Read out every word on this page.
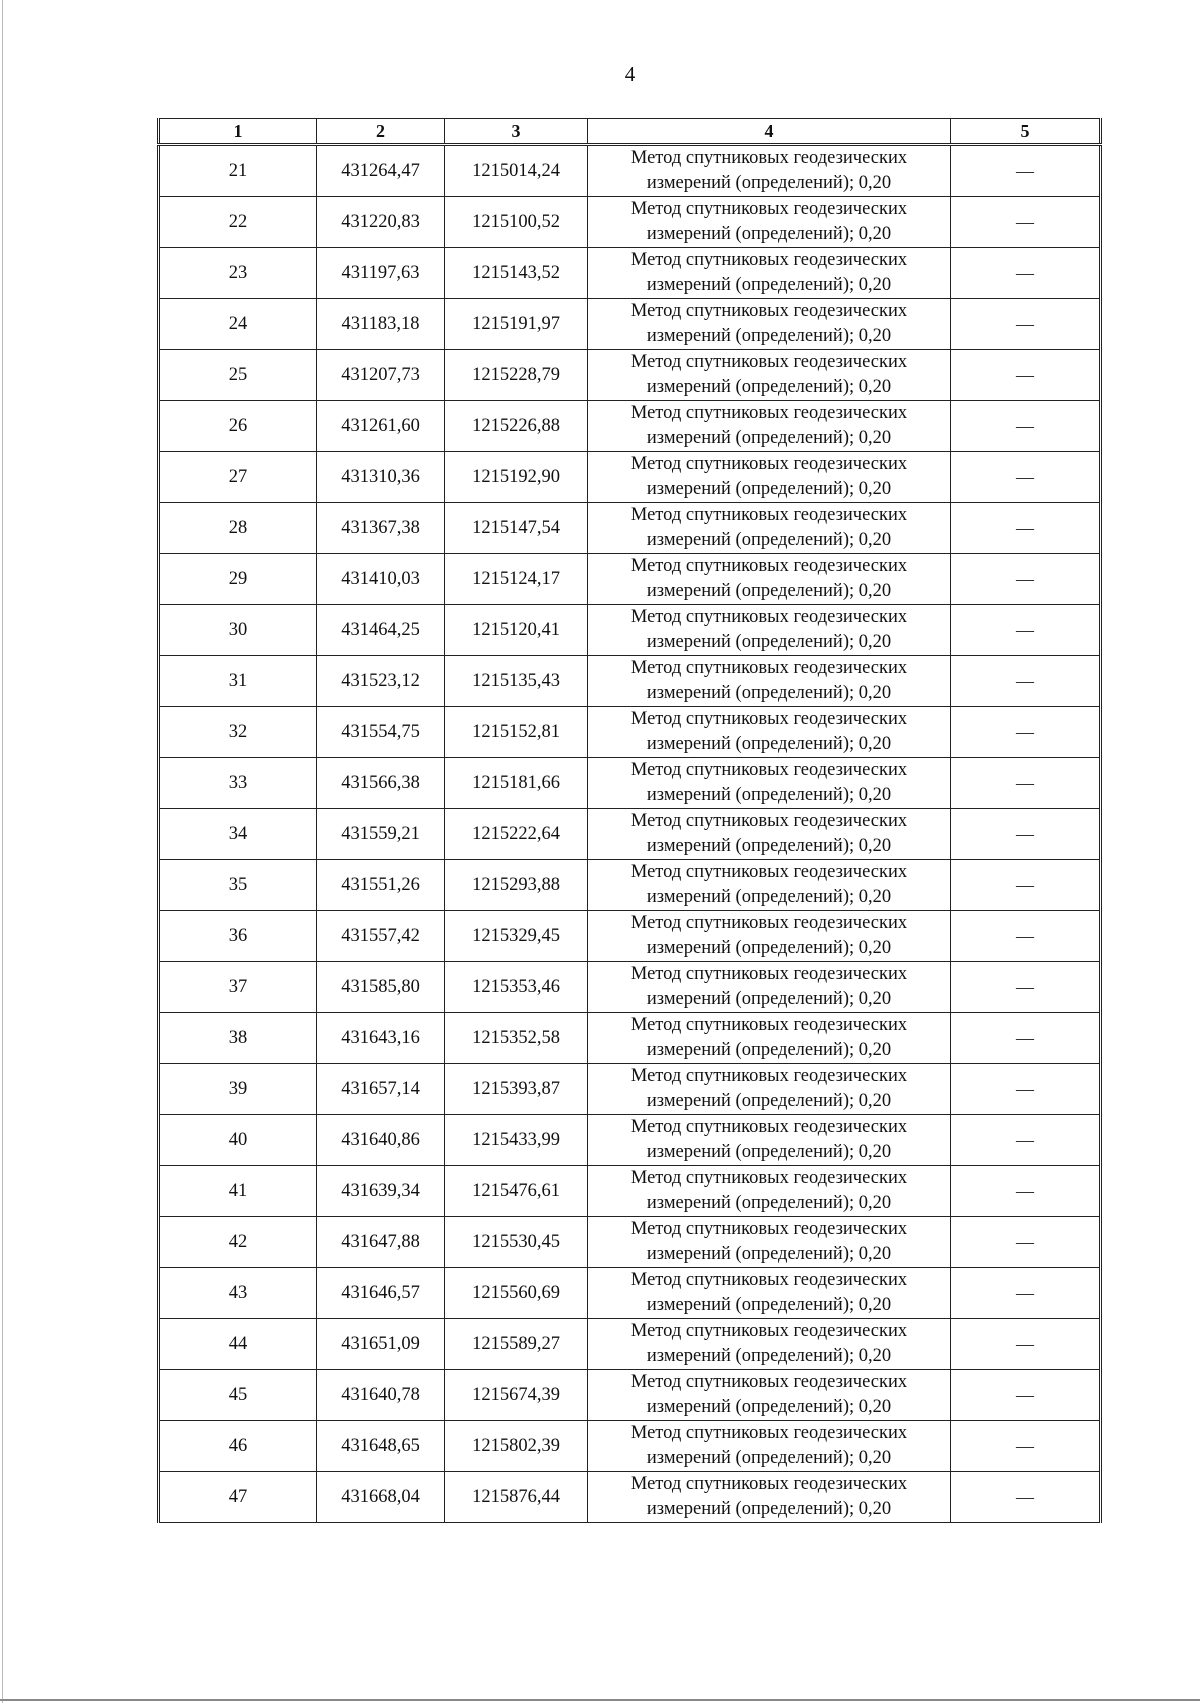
4
1	2	3	4	5
21	431264,47	1215014,24	Метод спутниковых геодезических
измерений (определений); 0,20	—
22	431220,83	1215100,52	Метод спутниковых геодезических
измерений (определений); 0,20	—
23	431197,63	1215143,52	Метод спутниковых геодезических
измерений (определений); 0,20	—
24	431183,18	1215191,97	Метод спутниковых геодезических
измерений (определений); 0,20	—
25	431207,73	1215228,79	Метод спутниковых геодезических
измерений (определений); 0,20	—
26	431261,60	1215226,88	Метод спутниковых геодезических
измерений (определений); 0,20	—
27	431310,36	1215192,90	Метод спутниковых геодезических
измерений (определений); 0,20	—
28	431367,38	1215147,54	Метод спутниковых геодезических
измерений (определений); 0,20	—
29	431410,03	1215124,17	Метод спутниковых геодезических
измерений (определений); 0,20	—
30	431464,25	1215120,41	Метод спутниковых геодезических
измерений (определений); 0,20	—
31	431523,12	1215135,43	Метод спутниковых геодезических
измерений (определений); 0,20	—
32	431554,75	1215152,81	Метод спутниковых геодезических
измерений (определений); 0,20	—
33	431566,38	1215181,66	Метод спутниковых геодезических
измерений (определений); 0,20	—
34	431559,21	1215222,64	Метод спутниковых геодезических
измерений (определений); 0,20	—
35	431551,26	1215293,88	Метод спутниковых геодезических
измерений (определений); 0,20	—
36	431557,42	1215329,45	Метод спутниковых геодезических
измерений (определений); 0,20	—
37	431585,80	1215353,46	Метод спутниковых геодезических
измерений (определений); 0,20	—
38	431643,16	1215352,58	Метод спутниковых геодезических
измерений (определений); 0,20	—
39	431657,14	1215393,87	Метод спутниковых геодезических
измерений (определений); 0,20	—
40	431640,86	1215433,99	Метод спутниковых геодезических
измерений (определений); 0,20	—
41	431639,34	1215476,61	Метод спутниковых геодезических
измерений (определений); 0,20	—
42	431647,88	1215530,45	Метод спутниковых геодезических
измерений (определений); 0,20	—
43	431646,57	1215560,69	Метод спутниковых геодезических
измерений (определений); 0,20	—
44	431651,09	1215589,27	Метод спутниковых геодезических
измерений (определений); 0,20	—
45	431640,78	1215674,39	Метод спутниковых геодезических
измерений (определений); 0,20	—
46	431648,65	1215802,39	Метод спутниковых геодезических
измерений (определений); 0,20	—
47	431668,04	1215876,44	Метод спутниковых геодезических
измерений (определений); 0,20	—
